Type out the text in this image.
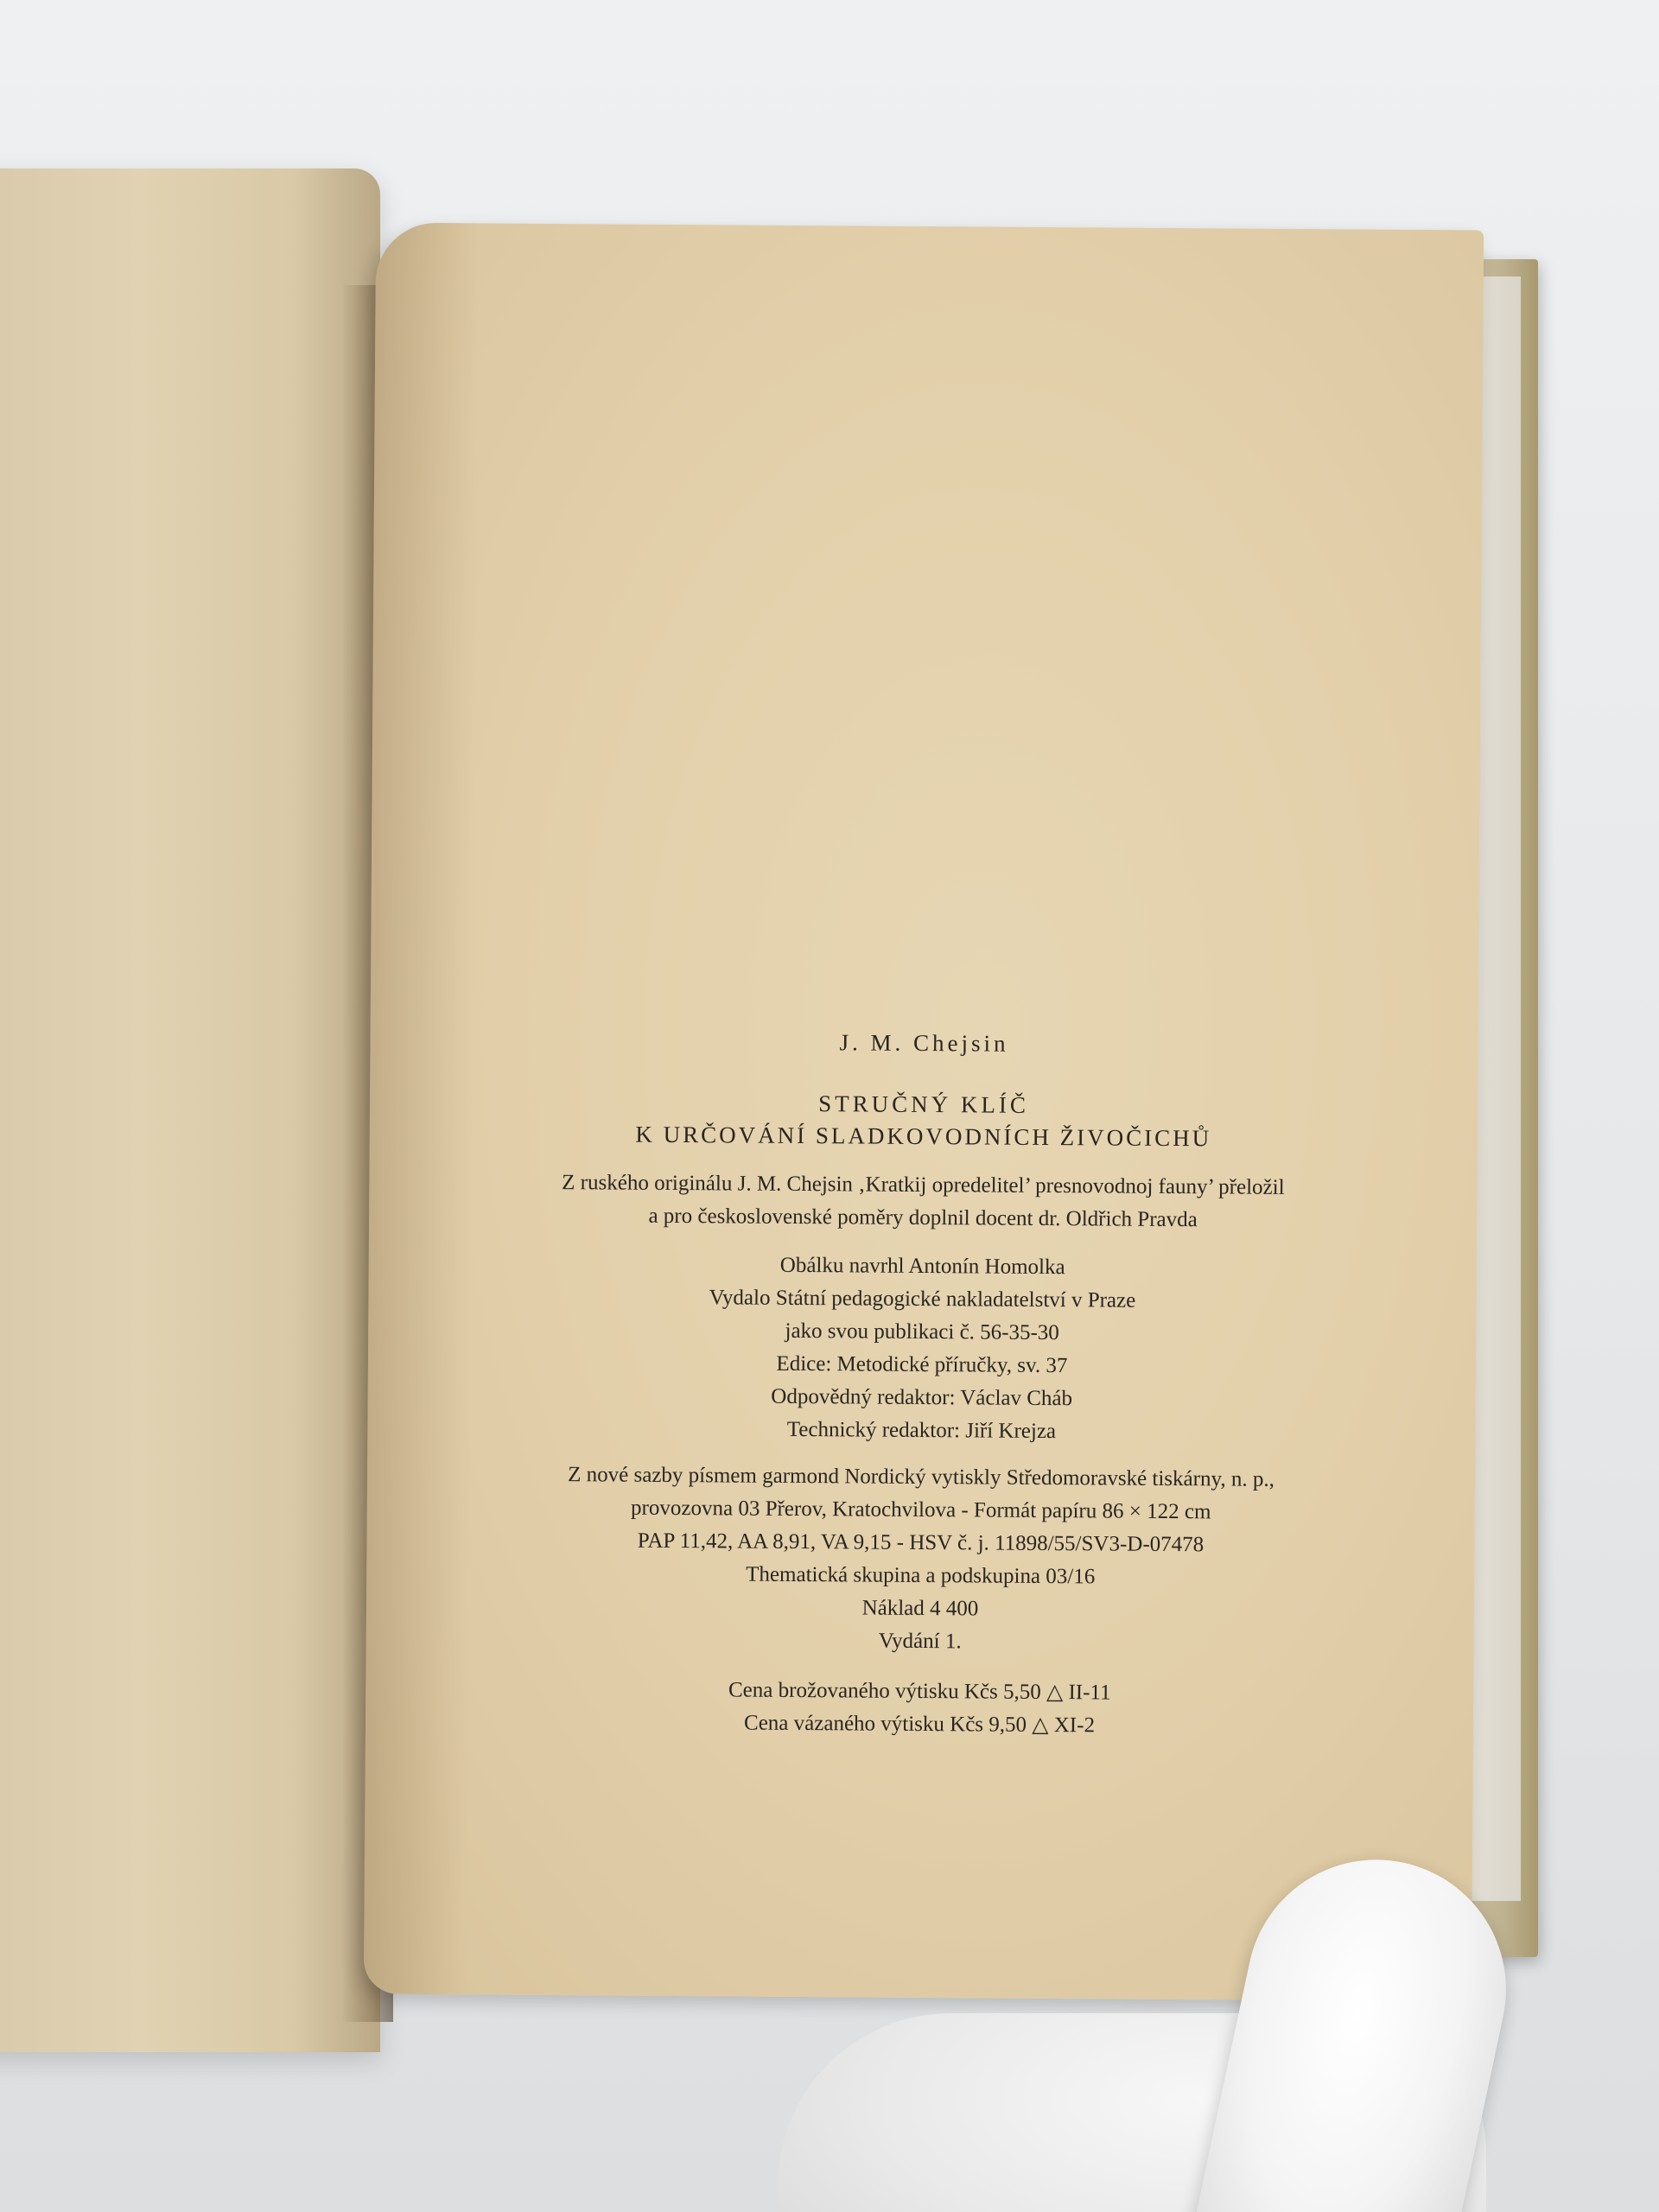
J. M. Chejsin
STRUČNÝ KLÍČ
K URČOVÁNÍ SLADKOVODNÍCH ŽIVOČICHŮ
Z ruského originálu J. M. Chejsin ‚Kratkij opredelitel’ presnovodnoj fauny’ přeložil
a pro československé poměry doplnil docent dr. Oldřich Pravda
Obálku navrhl Antonín Homolka
Vydalo Státní pedagogické nakladatelství v Praze
jako svou publikaci č. 56-35-30
Edice: Metodické příručky, sv. 37
Odpovědný redaktor: Václav Cháb
Technický redaktor: Jiří Krejza
Z nové sazby písmem garmond Nordický vytiskly Středomoravské tiskárny, n. p.,
provozovna 03 Přerov, Kratochvilova - Formát papíru 86 × 122 cm
PAP 11,42, AA 8,91, VA 9,15 - HSV č. j. 11898/55/SV3-D-07478
Thematická skupina a podskupina 03/16
Náklad 4 400
Vydání 1.
Cena brožovaného výtisku Kčs 5,50 △ II-11
Cena vázaného výtisku Kčs 9,50 △ XI-2
